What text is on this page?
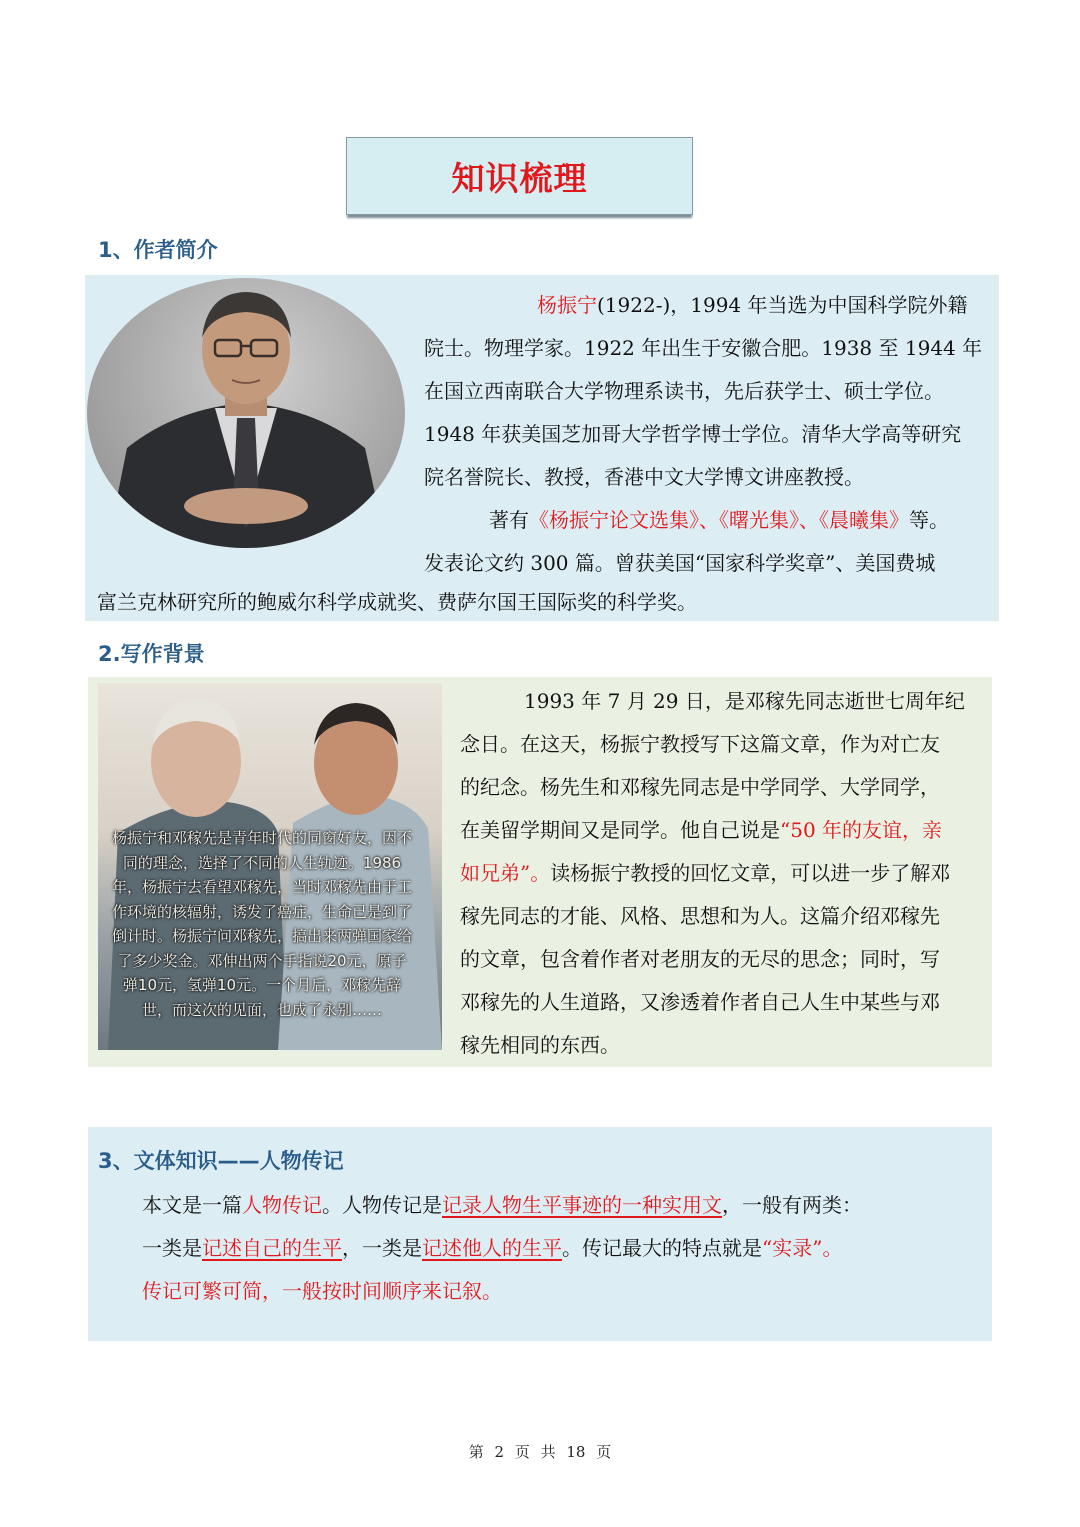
知识梳理
1、作者简介
杨振宁(1922-)，1994 年当选为中国科学院外籍
院士。物理学家。1922 年出生于安徽合肥。1938 至 1944 年
在国立西南联合大学物理系读书，先后获学士、硕士学位。
1948 年获美国芝加哥大学哲学博士学位。清华大学高等研究
院名誉院长、教授，香港中文大学博文讲座教授。
著有《杨振宁论文选集》、《曙光集》、《晨曦集》等。
发表论文约 300 篇。曾获美国“国家科学奖章”、美国费城
富兰克林研究所的鲍威尔科学成就奖、费萨尔国王国际奖的科学奖。
2.写作背景
杨振宁和邓稼先是青年时代的同窗好友，因不同的理念，选择了不同的人生轨迹。1986年，杨振宁去看望邓稼先，当时邓稼先由于工作环境的核辐射，诱发了癌症，生命已是到了倒计时。杨振宁问邓稼先，搞出来两弹国家给了多少奖金。邓伸出两个手指说20元，原子弹10元，氢弹10元。一个月后，邓稼先辞世，而这次的见面，也成了永别……
1993 年 7 月 29 日，是邓稼先同志逝世七周年纪
念日。在这天，杨振宁教授写下这篇文章，作为对亡友
的纪念。杨先生和邓稼先同志是中学同学、大学同学，
在美留学期间又是同学。他自己说是“50 年的友谊，亲
如兄弟”。读杨振宁教授的回忆文章，可以进一步了解邓
稼先同志的才能、风格、思想和为人。这篇介绍邓稼先
的文章，包含着作者对老朋友的无尽的思念；同时，写
邓稼先的人生道路，又渗透着作者自己人生中某些与邓
稼先相同的东西。
3、文体知识——人物传记
本文是一篇人物传记。人物传记是记录人物生平事迹的一种实用文，一般有两类：
一类是记述自己的生平，一类是记述他人的生平。传记最大的特点就是“实录”。
传记可繁可简，一般按时间顺序来记叙。
第 2 页 共 18 页
